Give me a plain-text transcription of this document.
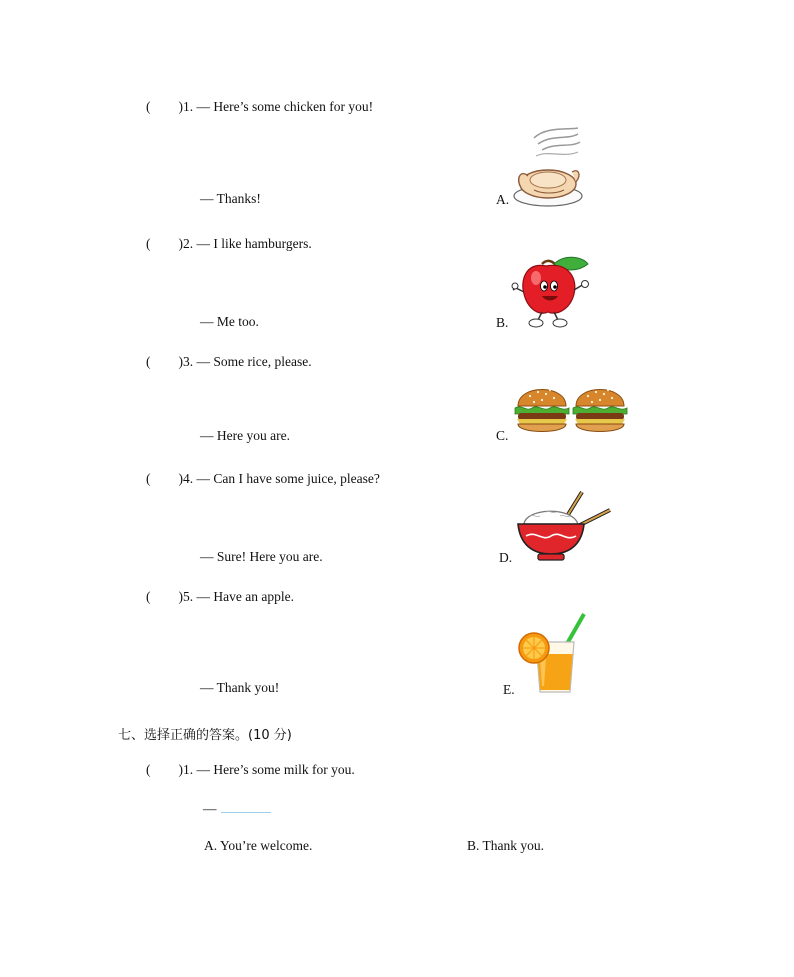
( )1. — Here’s some chicken for you!
— Thanks!
( )2. — I like hamburgers.
— Me too.
( )3. — Some rice, please.
— Here you are.
( )4. — Can I have some juice, please?
— Sure! Here you are.
( )5. — Have an apple.
— Thank you!
A.
B.
C.
D.
E.
七、选择正确的答案。(10 分)
( )1. — Here’s some milk for you.
—
A. You’re welcome.	B. Thank you.
